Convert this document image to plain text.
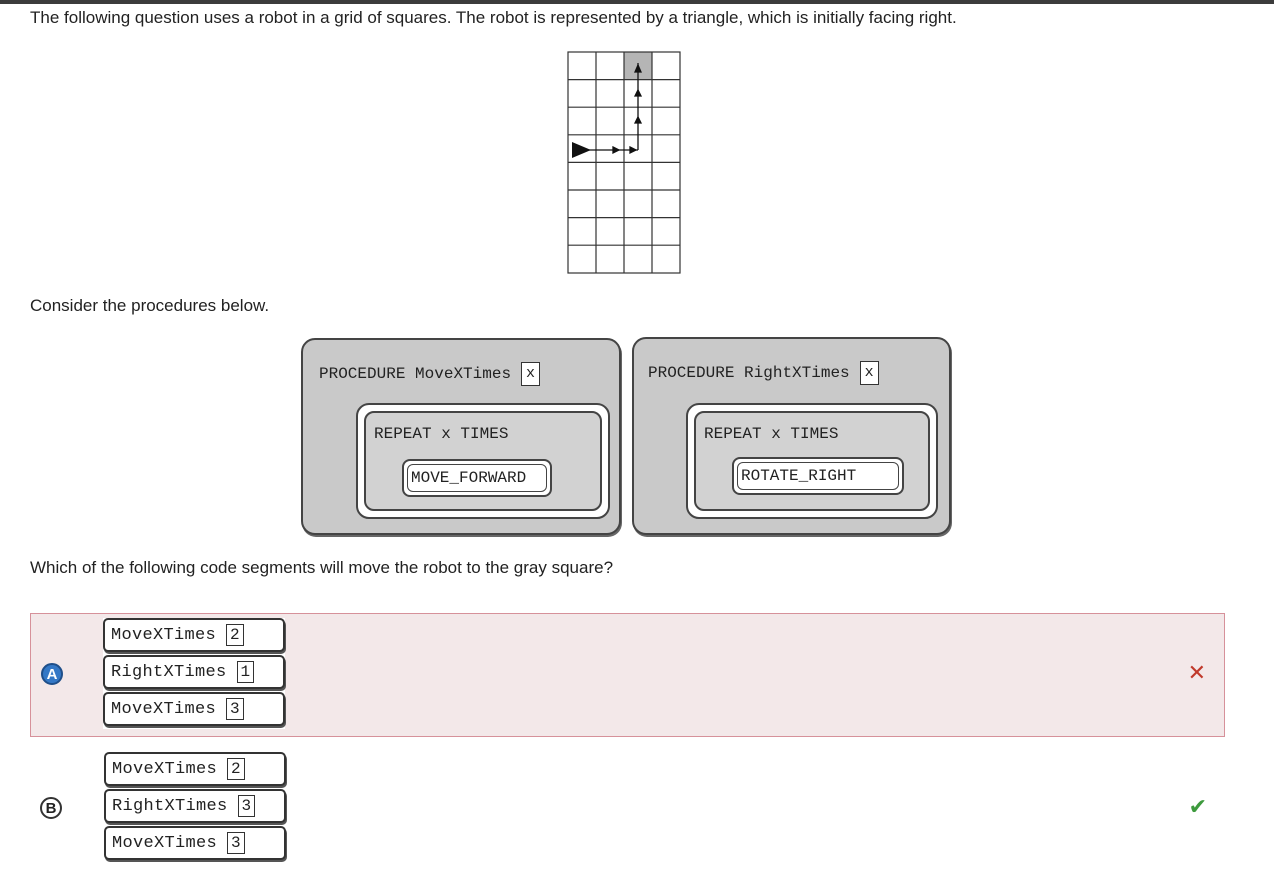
The following question uses a robot in a grid of squares. The robot is represented by a triangle, which is initially facing right.
Consider the procedures below.
PROCEDURE
MoveXTimes	x
REPEAT x TIMES
MOVE_FORWARD
PROCEDURE
RightXTimes	x
REPEAT x TIMES
ROTATE_RIGHT
Which of the following code segments will move the robot to the gray square?
A
MoveXTimes 2
RightXTimes 1
MoveXTimes 3
✕
B
MoveXTimes 2
RightXTimes 3
MoveXTimes 3
✔
